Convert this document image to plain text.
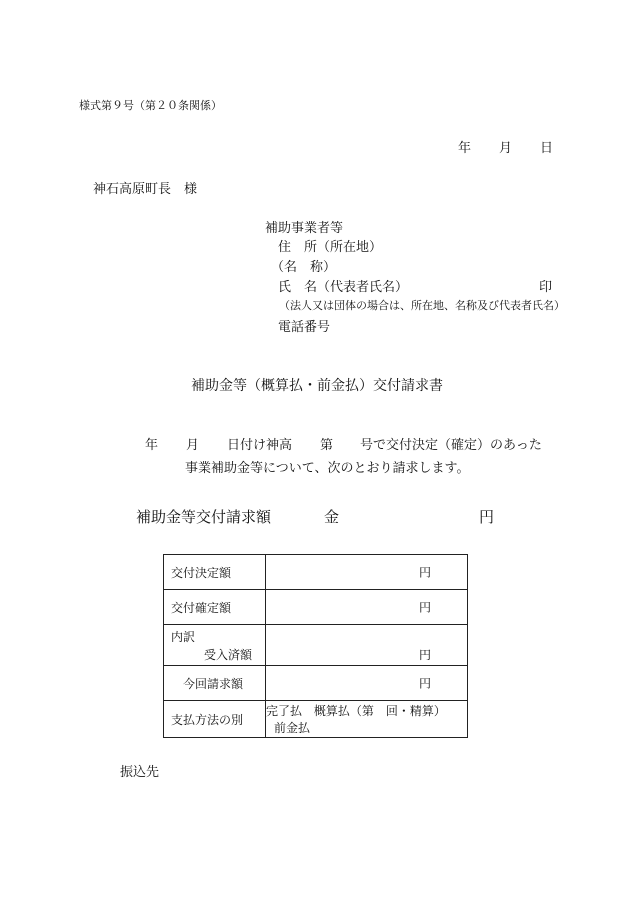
様式第９号（第２０条関係）
年 月 日
神石高原町長　様
補助事業者等
住　所（所在地）
（名　称）
氏　名（代表者氏名）	印
（法人又は団体の場合は、所在地、名称及び代表者氏名）
電話番号
補助金等（概算払・前金払）交付請求書
年 月 日付け神高 第 号で交付決定（確定）のあった
事業補助金等について、次のとおり請求します。
補助金等交付請求額	金	円
交付決定額	円

交付確定額	円

内訳
受入済額	円

今回請求額	円

支払方法の別	完了払 概算払（第　回・精算） 前金払
振込先
